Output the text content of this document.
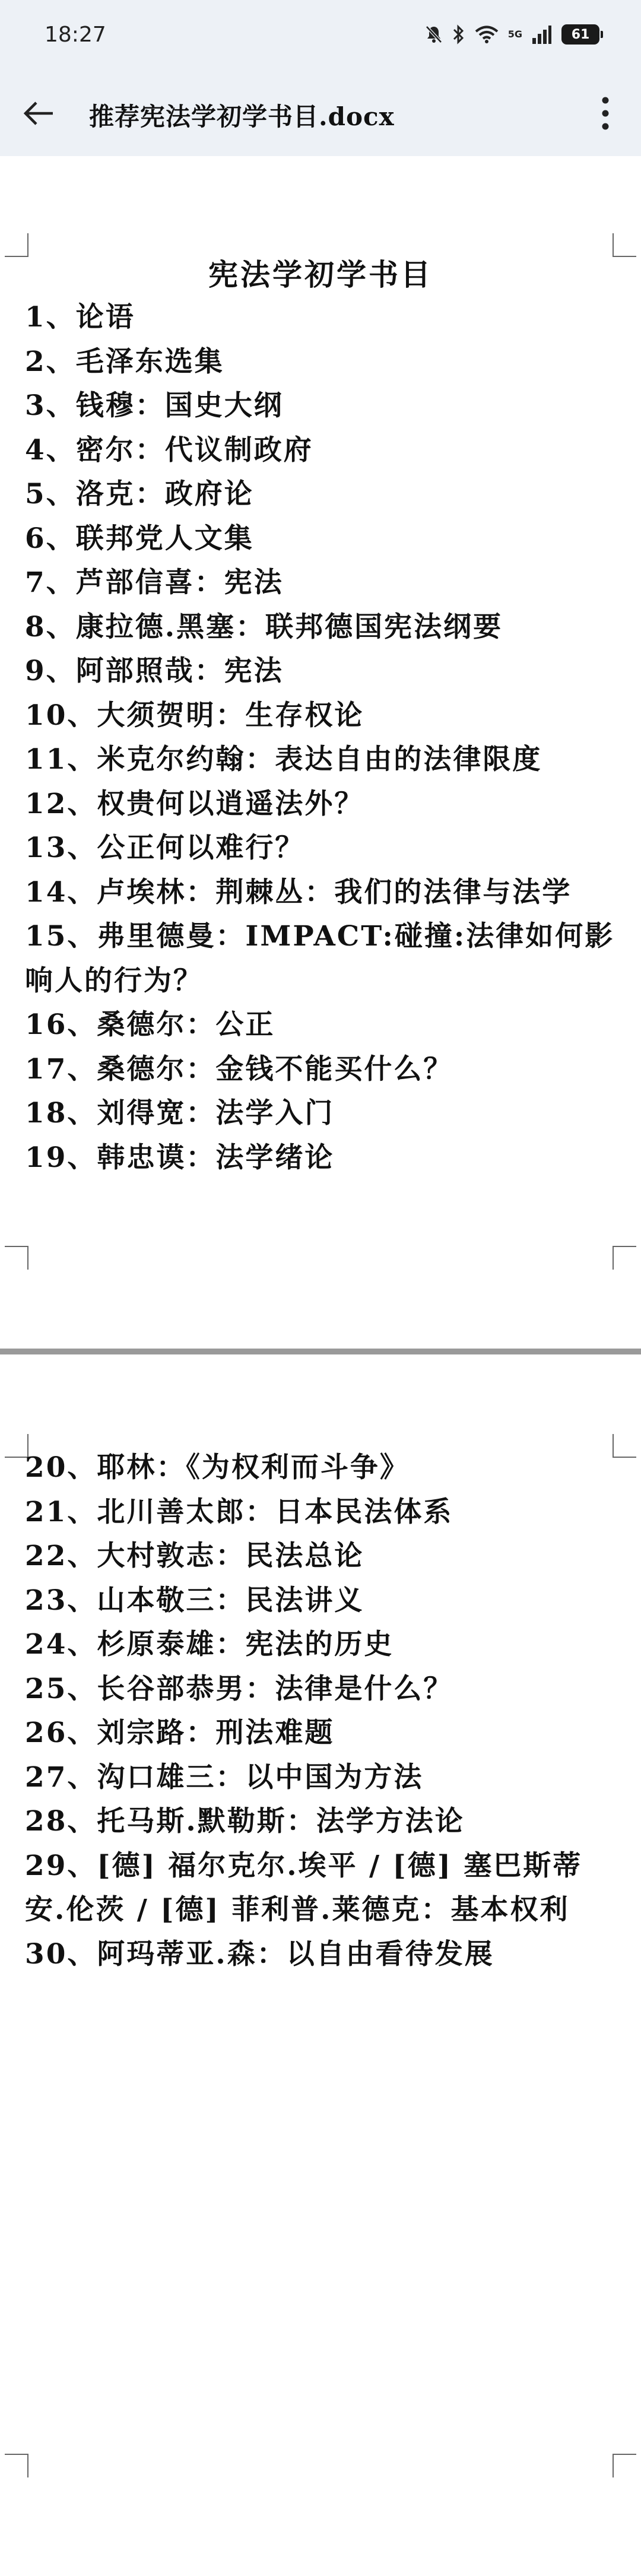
18:27	5G	61
推荐宪法学初学书目.docx
宪法学初学书目
1、论语
2、毛泽东选集
3、钱穆：国史大纲
4、密尔：代议制政府
5、洛克：政府论
6、联邦党人文集
7、芦部信喜：宪法
8、康拉德.黑塞：联邦德国宪法纲要
9、阿部照哉：宪法
10、大须贺明：生存权论
11、米克尔约翰：表达自由的法律限度
12、权贵何以逍遥法外？
13、公正何以难行？
14、卢埃林：荆棘丛：我们的法律与法学
15、弗里德曼：IMPACT:碰撞:法律如何影响人的行为？
16、桑德尔：公正
17、桑德尔：金钱不能买什么？
18、刘得宽：法学入门
19、韩忠谟：法学绪论
20、耶林：《为权利而斗争》
21、北川善太郎：日本民法体系
22、大村敦志：民法总论
23、山本敬三：民法讲义
24、杉原泰雄：宪法的历史
25、长谷部恭男：法律是什么？
26、刘宗路：刑法难题
27、沟口雄三：以中国为方法
28、托马斯.默勒斯：法学方法论
29、[德] 福尔克尔.埃平 / [德] 塞巴斯蒂安.伦茨 / [德] 菲利普.莱德克：基本权利
30、阿玛蒂亚.森：以自由看待发展
